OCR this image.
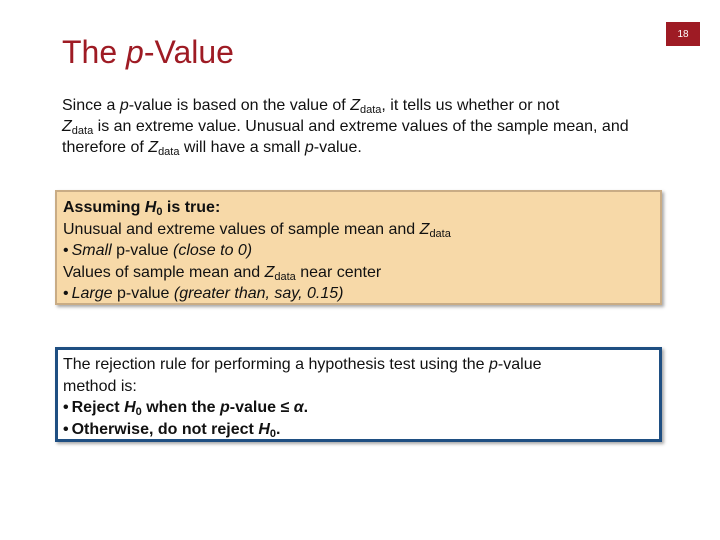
18
The p-Value
Since a p-value is based on the value of $Z_{data}$, it tells us whether or not
$Z_{data}$ is an extreme value. Unusual and extreme values of the sample mean, and therefore of $Z_{data}$ will have a small p-value.
Assuming $H_0$ is true:
Unusual and extreme values of sample mean and $Z_{data}$
• Small p-value (close to 0)
Values of sample mean and $Z_{data}$ near center
• Large p-value (greater than, say, 0.15)
The rejection rule for performing a hypothesis test using the p-value
method is:
• Reject $H_0$ when the p-value ≤ α.
• Otherwise, do not reject $H_0$.
